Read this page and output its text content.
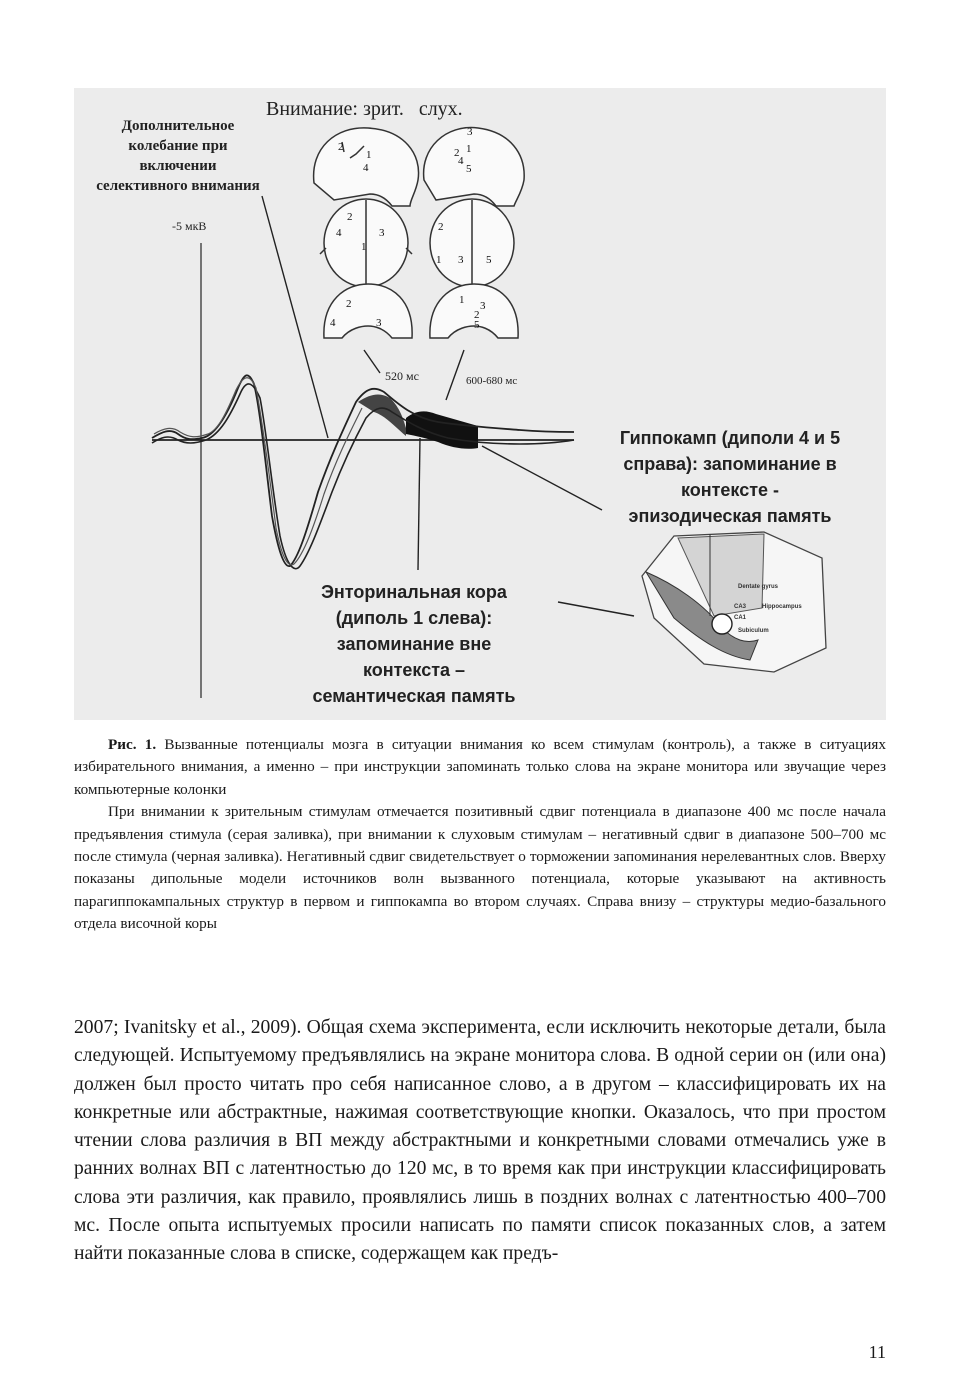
Внимание: зрит.   слух.
Дополнительное
колебание при
включении
селективного внимания
-5 мкВ
2
1
4
2
4	3
1
2
4	3
3
1
2
4
5
2
1 3 5
1 3
2
5
520 мс	600-680 мс
Гиппокамп (диполи 4 и 5
справа): запоминание в
контексте -
эпизодическая память
Энторинальная кора
(диполь 1 слева):
запоминание вне
контекста –
семантическая память
Dentate gyrus
CA3
CA1
Hippocampus
Subiculum

Рис. 1. Вызванные потенциалы мозга в ситуации внимания ко всем стимулам (контроль), а также в ситуациях избирательного внимания, а именно – при инструкции запоминать только слова на экране монитора или звучащие через компьютерные колонки

При внимании к зрительным стимулам отмечается позитивный сдвиг потенциала в диапазоне 400 мс после начала предъявления стимула (серая заливка), при внимании к слуховым стимулам – негативный сдвиг в диапазоне 500–700 мс после стимула (черная заливка). Негативный сдвиг свидетельствует о торможении запоминания нерелевантных слов. Вверху показаны дипольные модели источников волн вызванного потенциала, которые указывают на активность парагиппокампальных структур в первом и гиппокампа во втором случаях. Справа внизу – структуры медио-базального отдела височной коры

2007; Ivanitsky et al., 2009). Общая схема эксперимента, если исключить некоторые детали, была следующей. Испытуемому предъявлялись на экране монитора слова. В одной серии он (или она) должен был просто читать про себя написанное слово, а в другом – классифицировать их на конкретные или абстрактные, нажимая соответствующие кнопки. Оказалось, что при простом чтении слова различия в ВП между абстрактными и конкретными словами отмечались уже в ранних волнах ВП с латентностью до 120 мс, в то время как при инструкции классифицировать слова эти различия, как правило, проявлялись лишь в поздних волнах с латентностью 400–700 мс. После опыта испытуемых просили написать по памяти список показанных слов, а затем найти показанные слова в списке, содержащем как предъ-

11
